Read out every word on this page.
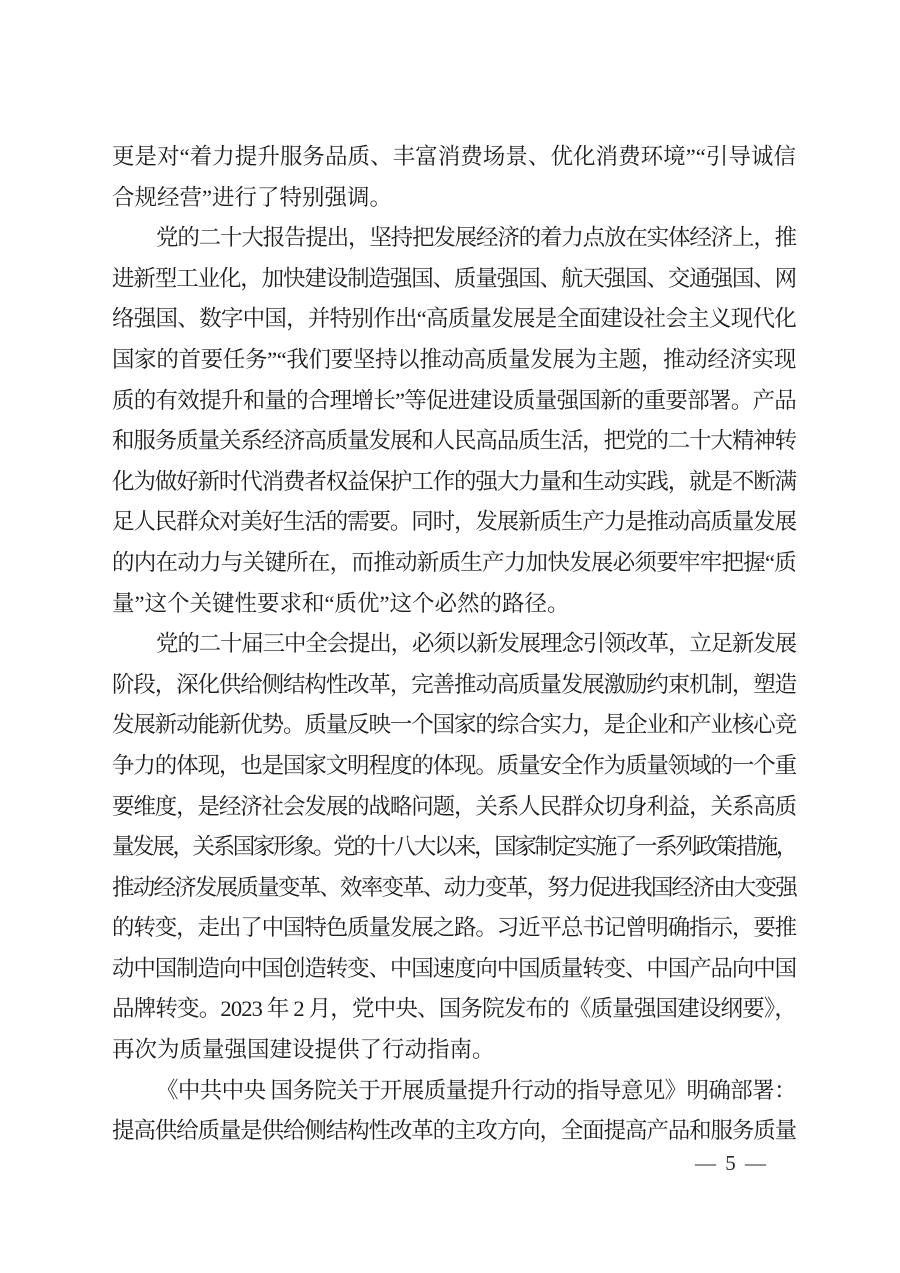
更是对“着力提升服务品质、丰富消费场景、优化消费环境”“引导诚信
合规经营”进行了特别强调。
党的二十大报告提出，坚持把发展经济的着力点放在实体经济上，推
进新型工业化，加快建设制造强国、质量强国、航天强国、交通强国、网
络强国、数字中国，并特别作出“高质量发展是全面建设社会主义现代化
国家的首要任务”“我们要坚持以推动高质量发展为主题，推动经济实现
质的有效提升和量的合理增长”等促进建设质量强国新的重要部署。产品
和服务质量关系经济高质量发展和人民高品质生活，把党的二十大精神转
化为做好新时代消费者权益保护工作的强大力量和生动实践，就是不断满
足人民群众对美好生活的需要。同时，发展新质生产力是推动高质量发展
的内在动力与关键所在，而推动新质生产力加快发展必须要牢牢把握“质
量”这个关键性要求和“质优”这个必然的路径。
党的二十届三中全会提出，必须以新发展理念引领改革，立足新发展
阶段，深化供给侧结构性改革，完善推动高质量发展激励约束机制，塑造
发展新动能新优势。质量反映一个国家的综合实力，是企业和产业核心竞
争力的体现，也是国家文明程度的体现。质量安全作为质量领域的一个重
要维度，是经济社会发展的战略问题，关系人民群众切身利益，关系高质
量发展，关系国家形象。党的十八大以来，国家制定实施了一系列政策措施，
推动经济发展质量变革、效率变革、动力变革，努力促进我国经济由大变强
的转变，走出了中国特色质量发展之路。习近平总书记曾明确指示，要推
动中国制造向中国创造转变、中国速度向中国质量转变、中国产品向中国
品牌转变。2023 年 2 月，党中央、国务院发布的《质量强国建设纲要》，
再次为质量强国建设提供了行动指南。
《中共中央 国务院关于开展质量提升行动的指导意见》明确部署：
提高供给质量是供给侧结构性改革的主攻方向，全面提高产品和服务质量
— 5 —
